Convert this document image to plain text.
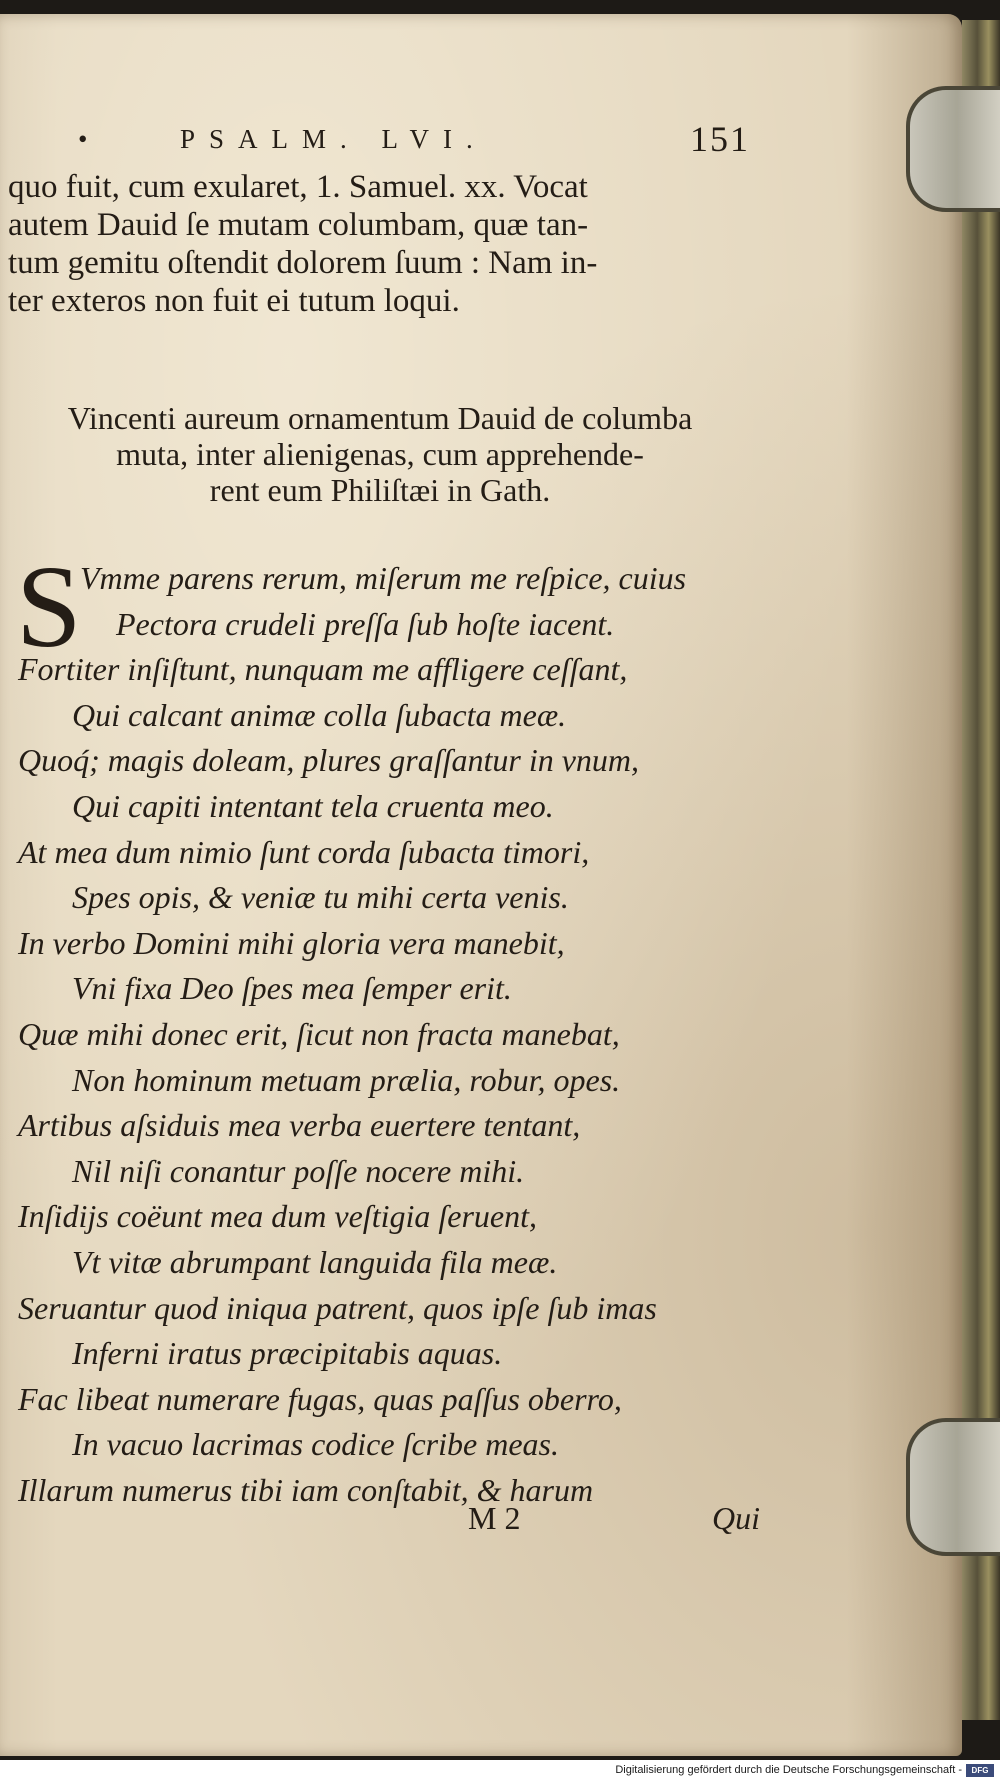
•	PSALM. LVI.	151
quo fuit, cum exularet, 1. Samuel. xx. Vocat
autem Dauid ſe mutam columbam, quæ tan-
tum gemitu oſtendit dolorem ſuum : Nam in-
ter exteros non fuit ei tutum loqui.
Vincenti aureum ornamentum Dauid de columba
muta, inter alienigenas, cum apprehende-
rent eum Philiſtæi in Gath.
S
Vmme parens rerum, miſerum me reſpice, cuius
Pectora crudeli preſſa ſub hoſte iacent.
Fortiter inſiſtunt, nunquam me affligere ceſſant,
Qui calcant animæ colla ſubacta meæ.
Quoq́; magis doleam, plures graſſantur in vnum,
Qui capiti intentant tela cruenta meo.
At mea dum nimio ſunt corda ſubacta timori,
Spes opis, & veniæ tu mihi certa venis.
In verbo Domini mihi gloria vera manebit,
Vni fixa Deo ſpes mea ſemper erit.
Quæ mihi donec erit, ſicut non fracta manebat,
Non hominum metuam prælia, robur, opes.
Artibus aſsiduis mea verba euertere tentant,
Nil niſi conantur poſſe nocere mihi.
Inſidijs coëunt mea dum veſtigia ſeruent,
Vt vitæ abrumpant languida fila meæ.
Seruantur quod iniqua patrent, quos ipſe ſub imas
Inferni iratus præcipitabis aquas.
Fac libeat numerare fugas, quas paſſus oberro,
In vacuo lacrimas codice ſcribe meas.
Illarum numerus tibi iam conſtabit, & harum
M 2	Qui
Digitalisierung gefördert durch die Deutsche Forschungsgemeinschaft -	DFG
